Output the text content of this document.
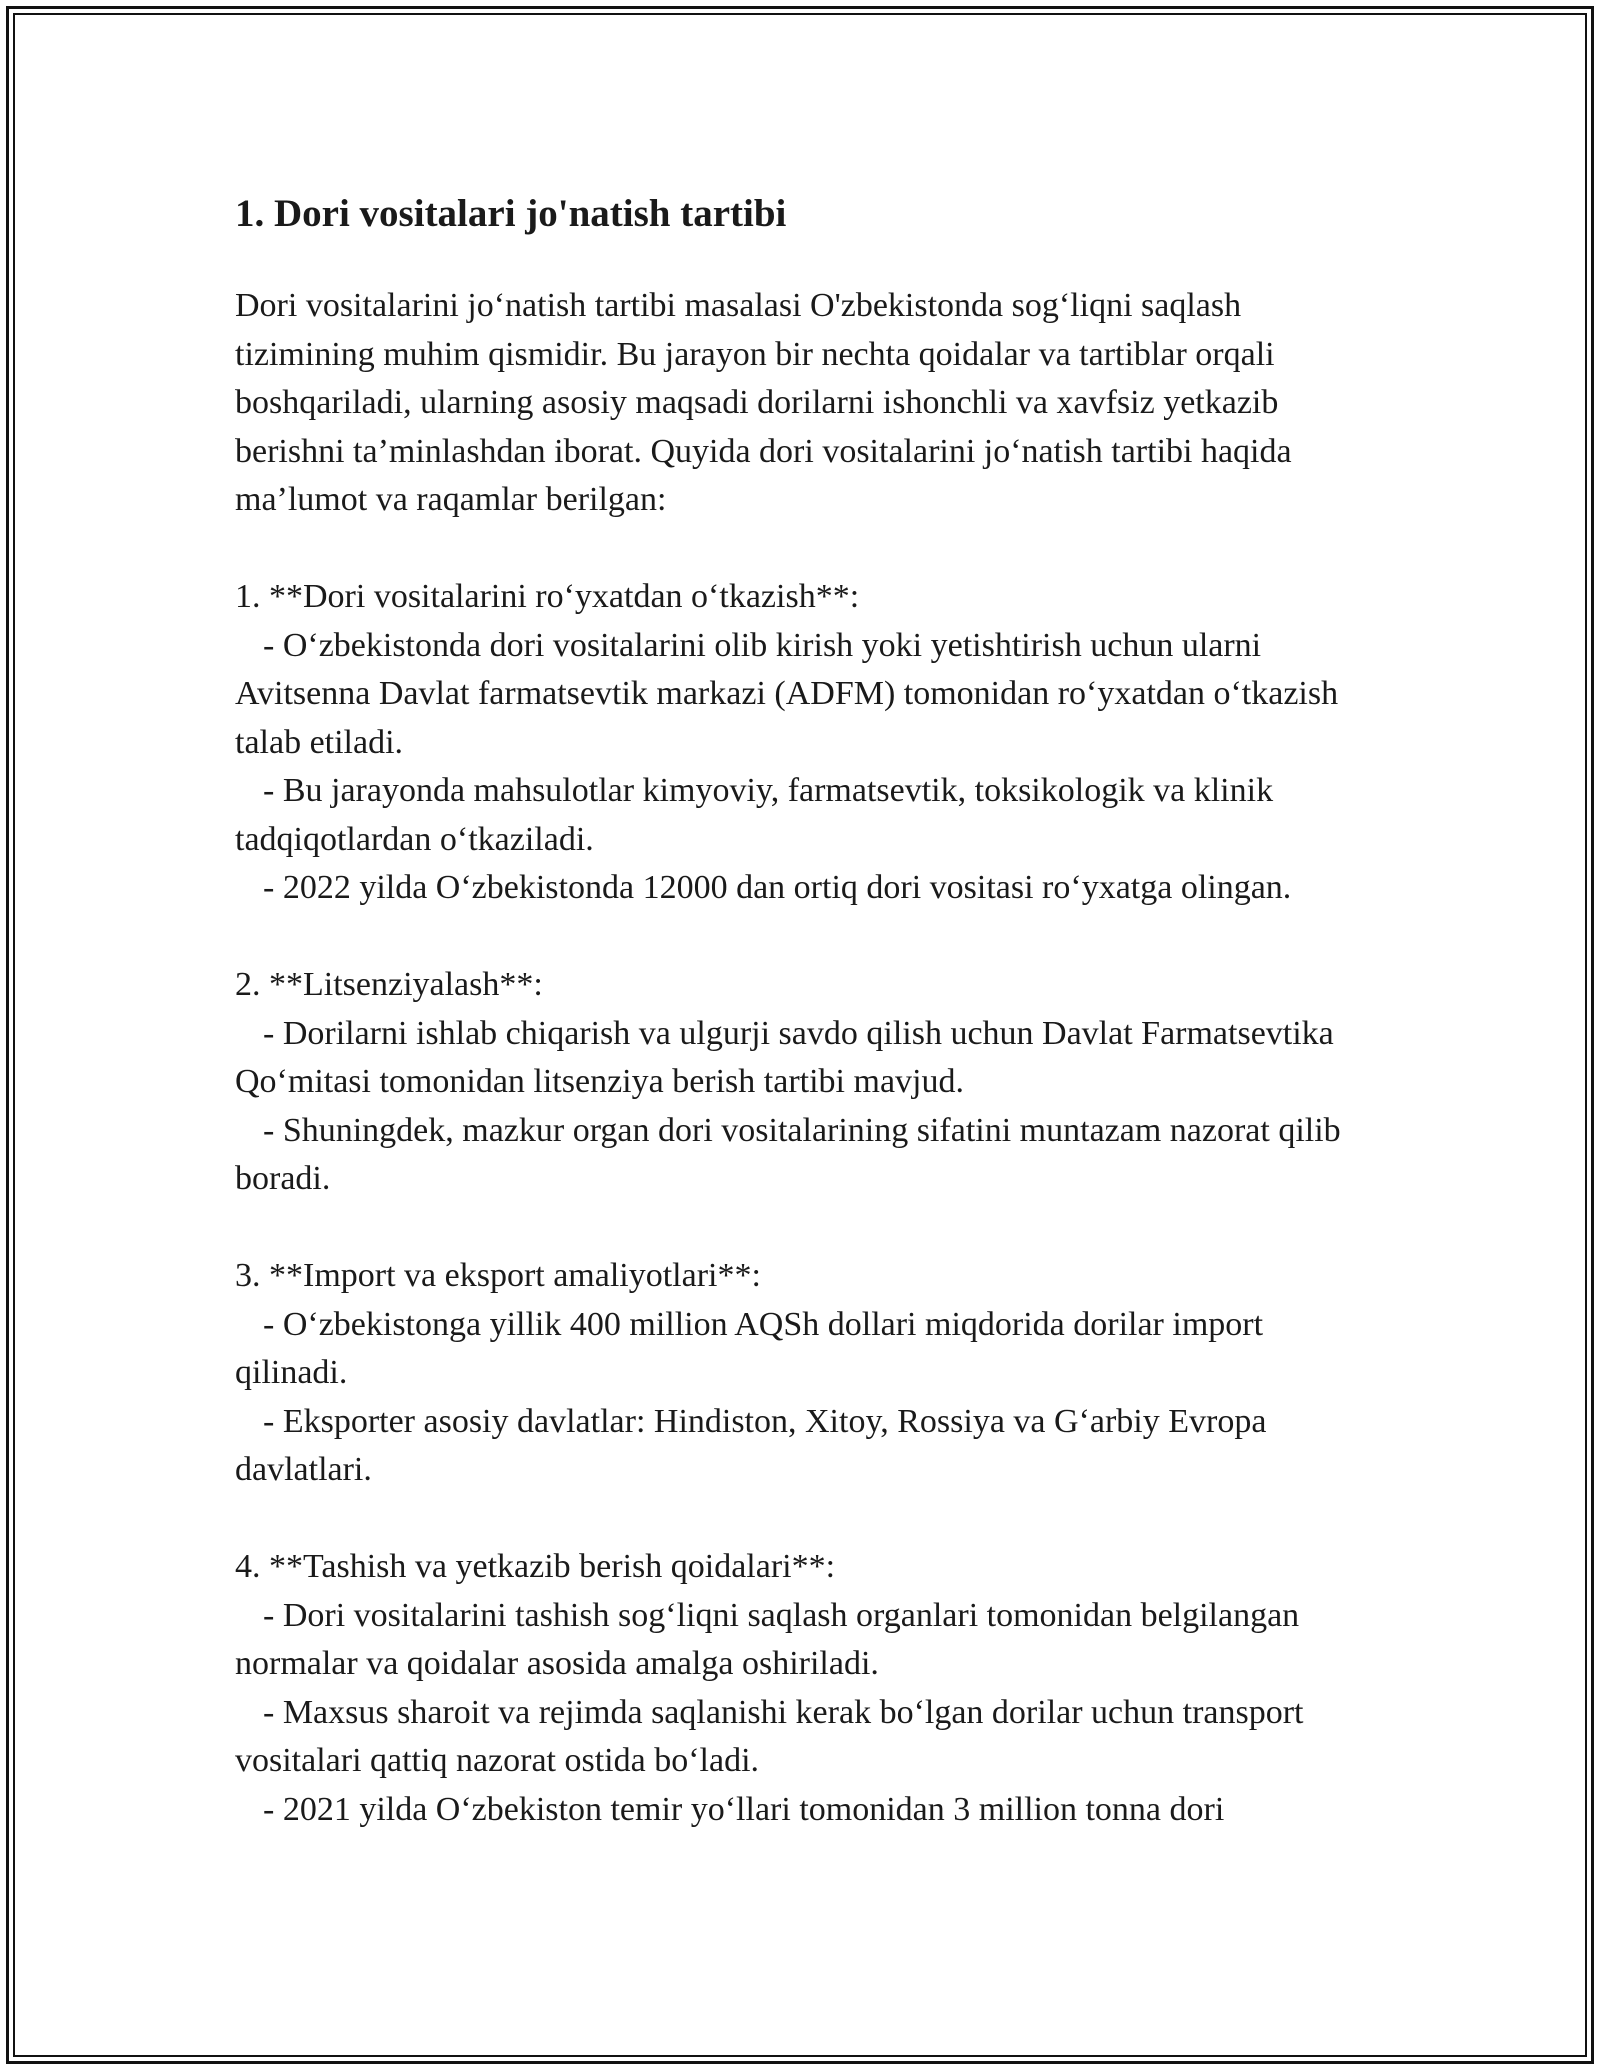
1. Dori vositalari jo'natish tartibi

Dori vositalarini jo‘natish tartibi masalasi O'zbekistonda sog‘liqni saqlash tizimining muhim qismidir. Bu jarayon bir nechta qoidalar va tartiblar orqali boshqariladi, ularning asosiy maqsadi dorilarni ishonchli va xavfsiz yetkazib berishni ta’minlashdan iborat. Quyida dori vositalarini jo‘natish tartibi haqida ma’lumot va raqamlar berilgan:

1. **Dori vositalarini ro‘yxatdan o‘tkazish**:

- O‘zbekistonda dori vositalarini olib kirish yoki yetishtirish uchun ularni Avitsenna Davlat farmatsevtik markazi (ADFM) tomonidan ro‘yxatdan o‘tkazish talab etiladi.

- Bu jarayonda mahsulotlar kimyoviy, farmatsevtik, toksikologik va klinik tadqiqotlardan o‘tkaziladi.

- 2022 yilda O‘zbekistonda 12000 dan ortiq dori vositasi ro‘yxatga olingan.

2. **Litsenziyalash**:

- Dorilarni ishlab chiqarish va ulgurji savdo qilish uchun Davlat Farmatsevtika Qo‘mitasi tomonidan litsenziya berish tartibi mavjud.

- Shuningdek, mazkur organ dori vositalarining sifatini muntazam nazorat qilib boradi.

3. **Import va eksport amaliyotlari**:

- O‘zbekistonga yillik 400 million AQSh dollari miqdorida dorilar import qilinadi.

- Eksporter asosiy davlatlar: Hindiston, Xitoy, Rossiya va G‘arbiy Evropa davlatlari.

4. **Tashish va yetkazib berish qoidalari**:

- Dori vositalarini tashish sog‘liqni saqlash organlari tomonidan belgilangan normalar va qoidalar asosida amalga oshiriladi.

- Maxsus sharoit va rejimda saqlanishi kerak bo‘lgan dorilar uchun transport vositalari qattiq nazorat ostida bo‘ladi.

- 2021 yilda O‘zbekiston temir yo‘llari tomonidan 3 million tonna dori
